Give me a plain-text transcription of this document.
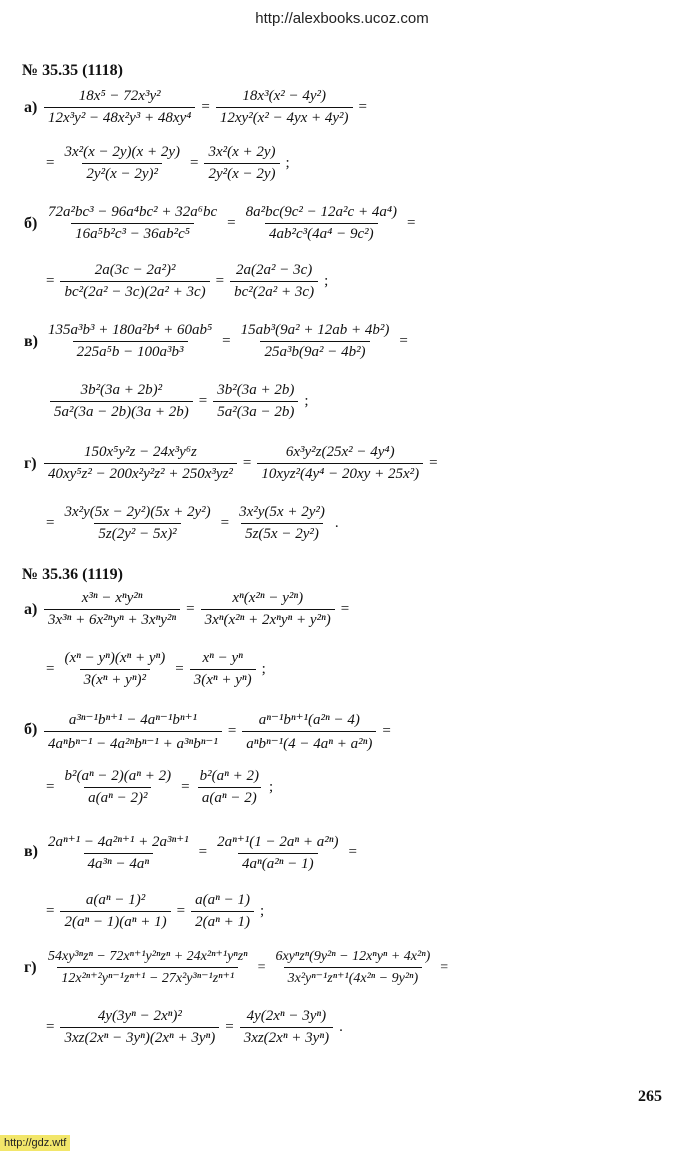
http://alexbooks.ucoz.com
№ 35.35 (1118)
$а) \frac{\text{18x⁵ − 72x³y²}}{\text{12x³y² − 48x²y³ + 48xy⁴}} = \frac{\text{18x³(x² − 4y²)}}{\text{12xy²(x² − 4yx + 4y²)}}$ =
= $\frac{\text{3x²(x − 2y)(x + 2y)}}{\text{2y²(x − 2y)²}} = \frac{\text{3x²(x + 2y)}}{\text{2y²(x − 2y)}}$ ;
$б) \frac{\text{72a²bc³ − 96a⁴bc² + 32a⁶bc}}{\text{16a⁵b²c³ − 36ab²c⁵}} = \frac{\text{8a²bc(9c² − 12a²c + 4a⁴)}}{\text{4ab²c³(4a⁴ − 9c²)}}$ =
= $\frac{\text{2a(3c − 2a²)²}}{\text{bc²(2a² − 3c)(2a² + 3c)}} = \frac{\text{2a(2a² − 3c)}}{\text{bc²(2a² + 3c)}}$ ;
$в) \frac{\text{135a³b³ + 180a²b⁴ + 60ab⁵}}{\text{225a⁵b − 100a³b³}} = \frac{\text{15ab³(9a² + 12ab + 4b²)}}{\text{25a³b(9a² − 4b²)}}$ =
$\frac{\text{3b²(3a + 2b)²}}{\text{5a²(3a − 2b)(3a + 2b)}} = \frac{\text{3b²(3a + 2b)}}{\text{5a²(3a − 2b)}}$ ;
$г) \frac{\text{150x⁵y²z − 24x³y⁶z}}{\text{40xy⁵z² − 200x²y²z² + 250x³yz²}} = \frac{\text{6x³y²z(25x² − 4y⁴)}}{\text{10xyz²(4y⁴ − 20xy + 25x²)}}$ =
= $\frac{\text{3x²y(5x − 2y²)(5x + 2y²)}}{\text{5z(2y² − 5x)²}} = \frac{\text{3x²y(5x + 2y²)}}{\text{5z(5x − 2y²)}}$ .
№ 35.36 (1119)
$а) \frac{\text{x³ⁿ − xⁿy²ⁿ}}{\text{3x³ⁿ + 6x²ⁿyⁿ + 3xⁿy²ⁿ}} = \frac{\text{xⁿ(x²ⁿ − y²ⁿ)}}{\text{3xⁿ(x²ⁿ + 2xⁿyⁿ + y²ⁿ)}}$ =
= $\frac{\text{(xⁿ − yⁿ)(xⁿ + yⁿ)}}{\text{3(xⁿ + yⁿ)²}} = \frac{\text{xⁿ − yⁿ}}{\text{3(xⁿ + yⁿ)}}$ ;
$б) \frac{\text{a³ⁿ⁻¹bⁿ⁺¹ − 4aⁿ⁻¹bⁿ⁺¹}}{\text{4aⁿbⁿ⁻¹ − 4a²ⁿbⁿ⁻¹ + a³ⁿbⁿ⁻¹}} = \frac{\text{aⁿ⁻¹bⁿ⁺¹(a²ⁿ − 4)}}{\text{aⁿbⁿ⁻¹(4 − 4aⁿ + a²ⁿ)}}$ =
= $\frac{\text{b²(aⁿ − 2)(aⁿ + 2)}}{\text{a(aⁿ − 2)²}} = \frac{\text{b²(aⁿ + 2)}}{\text{a(aⁿ − 2)}}$ ;
$в) \frac{\text{2aⁿ⁺¹ − 4a²ⁿ⁺¹ + 2a³ⁿ⁺¹}}{\text{4a³ⁿ − 4aⁿ}} = \frac{\text{2aⁿ⁺¹(1 − 2aⁿ + a²ⁿ)}}{\text{4aⁿ(a²ⁿ − 1)}}$ =
= $\frac{\text{a(aⁿ − 1)²}}{\text{2(aⁿ − 1)(aⁿ + 1)}} = \frac{\text{a(aⁿ − 1)}}{\text{2(aⁿ + 1)}}$ ;
$г) \frac{\text{54xy³ⁿzⁿ − 72xⁿ⁺¹y²ⁿzⁿ + 24x²ⁿ⁺¹yⁿzⁿ}}{\text{12x²ⁿ⁺²yⁿ⁻¹zⁿ⁺¹ − 27x²y³ⁿ⁻¹zⁿ⁺¹}} = \frac{\text{6xyⁿzⁿ(9y²ⁿ − 12xⁿyⁿ + 4x²ⁿ)}}{\text{3x²yⁿ⁻¹zⁿ⁺¹(4x²ⁿ − 9y²ⁿ)}}$ =
= $\frac{\text{4y(3yⁿ − 2xⁿ)²}}{\text{3xz(2xⁿ − 3yⁿ)(2xⁿ + 3yⁿ)}} = \frac{\text{4y(2xⁿ − 3yⁿ)}}{\text{3xz(2xⁿ + 3yⁿ)}}$ .
265
http://gdz.wtf
